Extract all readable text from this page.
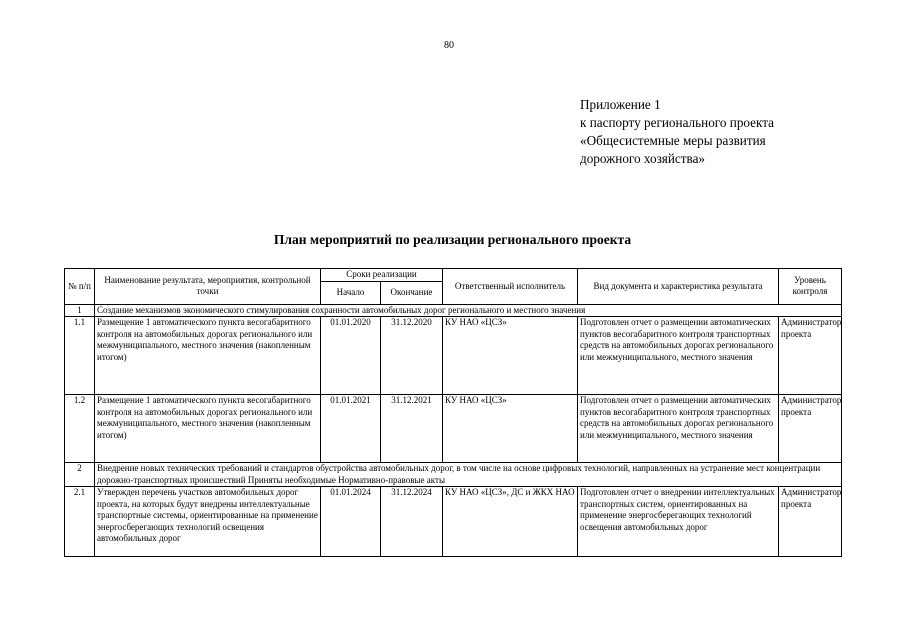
80
Приложение 1
к паспорту регионального проекта
«Общесистемные меры развития
дорожного хозяйства»
План мероприятий по реализации регионального проекта
№ п/п	Наименование результата, мероприятия, контрольной точки	Сроки реализации		Ответственный исполнитель	Вид документа и характеристика результата	Уровень контроля
		Начало	Окончание			
1	Создание механизмов экономического стимулирования сохранности автомобильных дорог регионального и местного значения					
1.1	Размещение 1 автоматического пункта весогабаритного контроля на автомобильных дорогах регионального или межмуниципального, местного значения (накопленным итогом)	01.01.2020	31.12.2020	КУ НАО «ЦСЗ»	Подготовлен отчет о размещении автоматических пунктов весогабаритного контроля транспортных средств на автомобильных дорогах регионального или межмуниципального, местного значения	Администратор проекта
1.2	Размещение 1 автоматического пункта весогабаритного контроля на автомобильных дорогах регионального или межмуниципального, местного значения (накопленным итогом)	01.01.2021	31.12.2021	КУ НАО «ЦСЗ»	Подготовлен отчет о размещении автоматических пунктов весогабаритного контроля транспортных средств на автомобильных дорогах регионального или межмуниципального, местного значения	Администратор проекта
2	Внедрение новых технических требований и стандартов обустройства автомобильных дорог, в том числе на основе цифровых технологий, направленных на устранение мест концентрации дорожно-транспортных происшествий Приняты необходимые Нормативно-правовые акты					
2.1	Утвержден перечень участков автомобильных дорог проекта, на которых будут внедрены интеллектуальные транспортные системы, ориентированные на применение энергосберегающих технологий освещения автомобильных дорог	01.01.2024	31.12.2024	КУ НАО «ЦСЗ», ДС и ЖКХ НАО	Подготовлен отчет о внедрении интеллектуальных транспортных систем, ориентированных на применение энергосберегающих технологий освещения автомобильных дорог	Администратор проекта
